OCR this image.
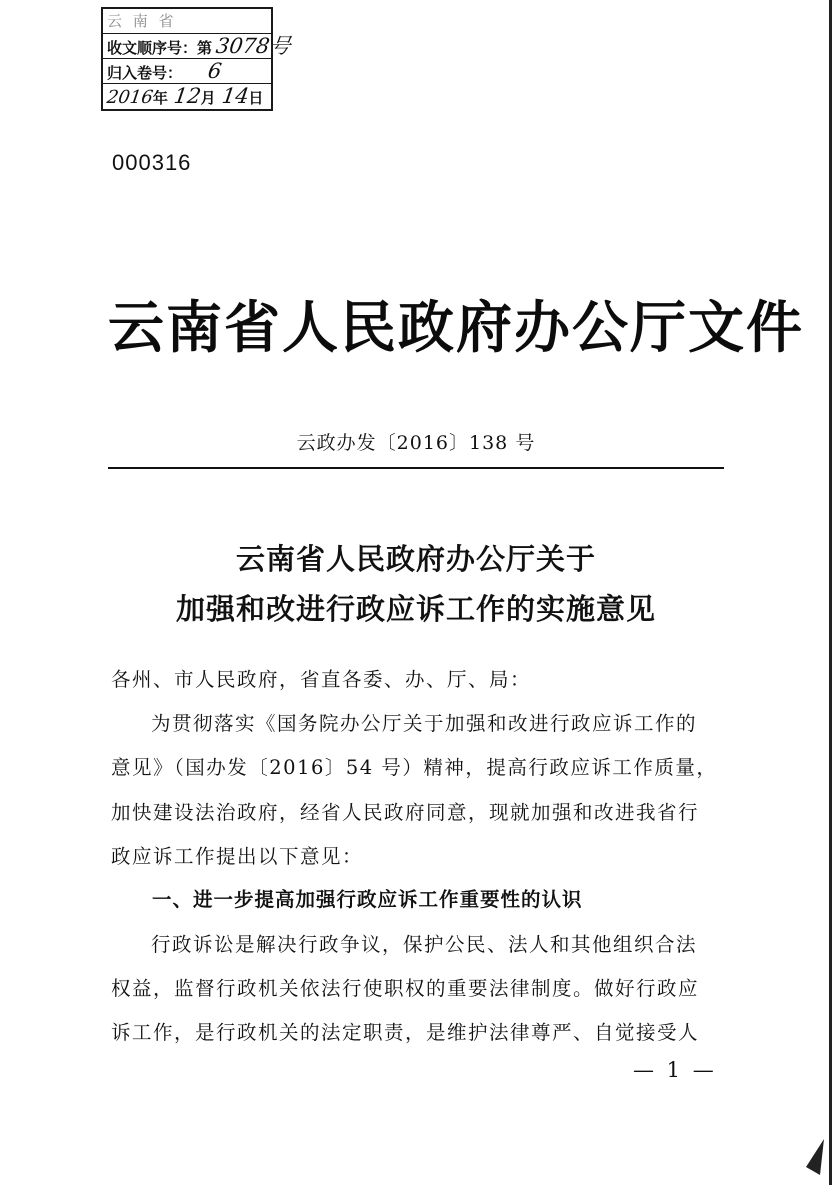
云 南 省
收文顺序号：第 3078号
归入卷号： 6
2016年 12月 14日
000316
云南省人民政府办公厅文件
云政办发〔2016〕138 号
云南省人民政府办公厅关于
加强和改进行政应诉工作的实施意见
各州、市人民政府，省直各委、办、厅、局：
为贯彻落实《国务院办公厅关于加强和改进行政应诉工作的
意见》（国办发〔2016〕54 号）精神，提高行政应诉工作质量，
加快建设法治政府，经省人民政府同意，现就加强和改进我省行
政应诉工作提出以下意见：
一、进一步提高加强行政应诉工作重要性的认识
行政诉讼是解决行政争议，保护公民、法人和其他组织合法
权益，监督行政机关依法行使职权的重要法律制度。做好行政应
诉工作，是行政机关的法定职责，是维护法律尊严、自觉接受人
— 1 —
